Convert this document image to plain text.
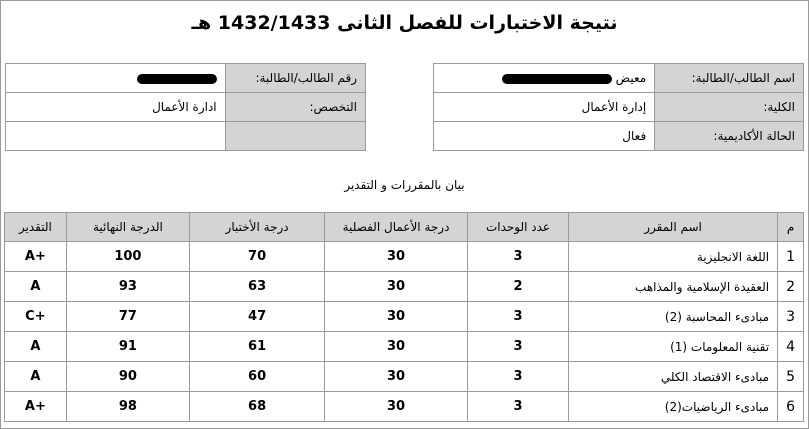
نتيجة الاختبارات للفصل الثانى 1432/1433 هـ
اسم الطالب/الطالبة:	معيض		رقم الطالب/الطالبة:	
الكلية:	إدارة الأعمال		التخصص:	ادارة الأعمال
الحالة الأكاديمية:	فعال			
بيان بالمقررات و التقدير
م	اسم المقرر	عدد الوحدات	درجة الأعمال الفصلية	درجة الأختبار	الدرجة النهائية	التقدير
1	اللغة الانجليزية	3	30	70	100	A+
2	العقيدة الإسلامية والمذاهب	2	30	63	93	A
3	مبادىء المحاسبة (2)	3	30	47	77	C+
4	تقنية المعلومات (1)	3	30	61	91	A
5	مبادىء الاقتصاد الكلي	3	30	60	90	A
6	مبادىء الرياضيات(2)	3	30	68	98	A+
